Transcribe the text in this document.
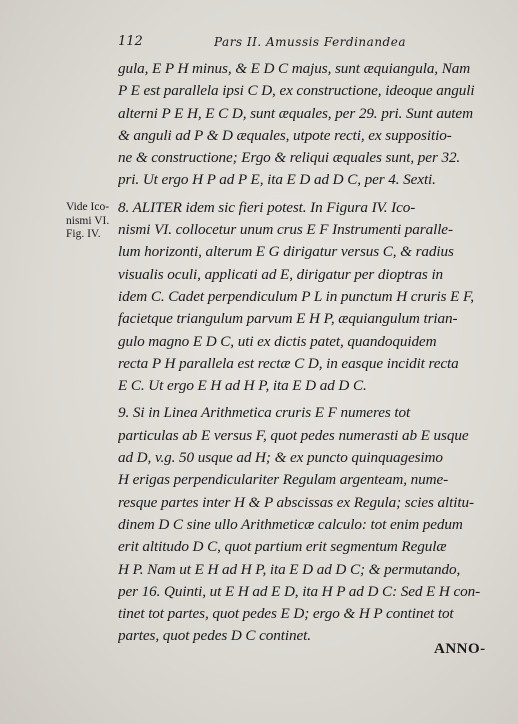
112	Pars II. Amussis Ferdinandea
Vide Ico-
nismi VI.
Fig. IV.
gula, E P H minus, & E D C majus, sunt æquiangula, Nam
P E est parallela ipsi C D, ex constructione, ideoque anguli
alterni P E H, E C D, sunt æquales, per 29. pri. Sunt autem
& anguli ad P & D æquales, utpote recti, ex suppositio-
ne & constructione; Ergo & reliqui æquales sunt, per 32.
pri. Ut ergo H P ad P E, ita E D ad D C, per 4. Sexti.
8. ALITER idem sic fieri potest. In Figura IV. Ico-
nismi VI. collocetur unum crus E F Instrumenti paralle-
lum horizonti, alterum E G dirigatur versus C, & radius
visualis oculi, applicati ad E, dirigatur per dioptras in
idem C. Cadet perpendiculum P L in punctum H cruris E F,
facietque triangulum parvum E H P, æquiangulum trian-
gulo magno E D C, uti ex dictis patet, quandoquidem
recta P H parallela est rectæ C D, in easque incidit recta
E C. Ut ergo E H ad H P, ita E D ad D C.
9. Si in Linea Arithmetica cruris E F numeres tot
particulas ab E versus F, quot pedes numerasti ab E usque
ad D, v.g. 50 usque ad H; & ex puncto quinquagesimo
H erigas perpendiculariter Regulam argenteam, nume-
resque partes inter H & P abscissas ex Regula; scies altitu-
dinem D C sine ullo Arithmeticæ calculo: tot enim pedum
erit altitudo D C, quot partium erit segmentum Regulæ
H P. Nam ut E H ad H P, ita E D ad D C; & permutando,
per 16. Quinti, ut E H ad E D, ita H P ad D C: Sed E H con-
tinet tot partes, quot pedes E D; ergo & H P continet tot
partes, quot pedes D C continet.
ANNO-
